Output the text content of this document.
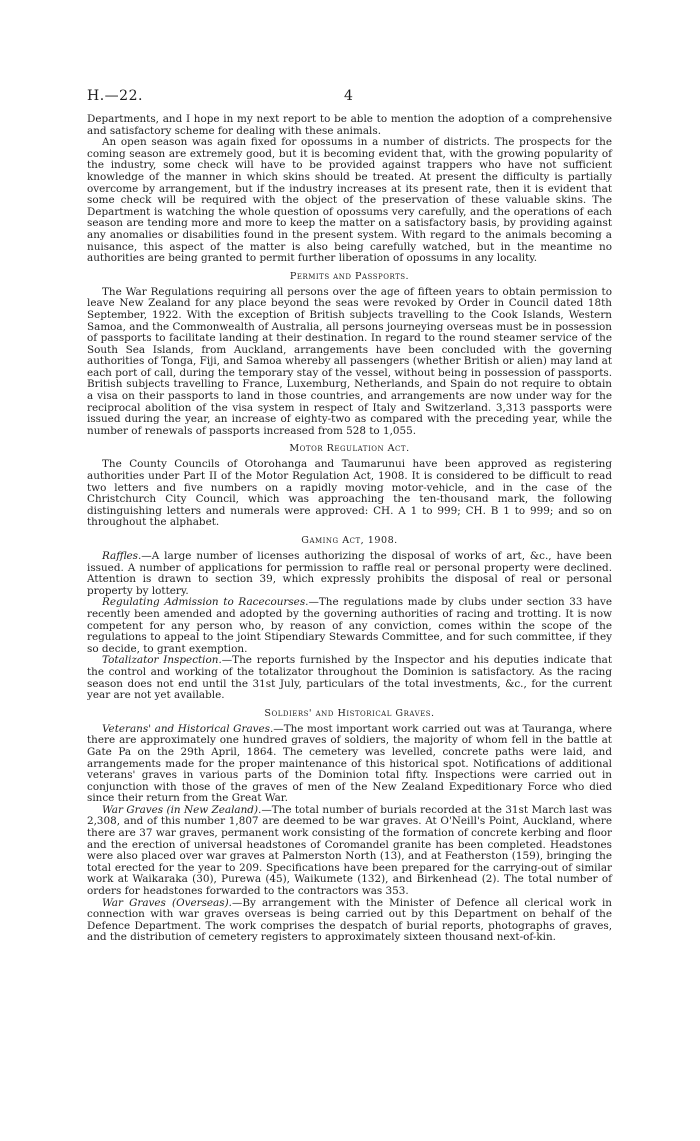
H.—22.	4

Departments, and I hope in my next report to be able to mention the adoption of a comprehensive and satisfactory scheme for dealing with these animals.

An open season was again fixed for opossums in a number of districts. The prospects for the coming season are extremely good, but it is becoming evident that, with the growing popularity of the industry, some check will have to be provided against trappers who have not sufficient knowledge of the manner in which skins should be treated. At present the difficulty is partially overcome by arrangement, but if the industry increases at its present rate, then it is evident that some check will be required with the object of the preservation of these valuable skins. The Department is watching the whole question of opossums very carefully, and the operations of each season are tending more and more to keep the matter on a satisfactory basis, by providing against any anomalies or disabilities found in the present system. With regard to the animals becoming a nuisance, this aspect of the matter is also being carefully watched, but in the meantime no authorities are being granted to permit further liberation of opossums in any locality.

Permits and Passports.

The War Regulations requiring all persons over the age of fifteen years to obtain permission to leave New Zealand for any place beyond the seas were revoked by Order in Council dated 18th September, 1922. With the exception of British subjects travelling to the Cook Islands, Western Samoa, and the Commonwealth of Australia, all persons journeying overseas must be in possession of passports to facilitate landing at their destination. In regard to the round steamer service of the South Sea Islands, from Auckland, arrangements have been concluded with the governing authorities of Tonga, Fiji, and Samoa whereby all passengers (whether British or alien) may land at each port of call, during the temporary stay of the vessel, without being in possession of passports. British subjects travelling to France, Luxemburg, Netherlands, and Spain do not require to obtain a visa on their passports to land in those countries, and arrangements are now under way for the reciprocal abolition of the visa system in respect of Italy and Switzerland. 3,313 passports were issued during the year, an increase of eighty-two as compared with the preceding year, while the number of renewals of passports increased from 528 to 1,055.

Motor Regulation Act.

The County Councils of Otorohanga and Taumarunui have been approved as registering authorities under Part II of the Motor Regulation Act, 1908. It is considered to be difficult to read two letters and five numbers on a rapidly moving motor-vehicle, and in the case of the Christchurch City Council, which was approaching the ten-thousand mark, the following distinguishing letters and numerals were approved: CH. A 1 to 999; CH. B 1 to 999; and so on throughout the alphabet.

Gaming Act, 1908.

Raffles.—A large number of licenses authorizing the disposal of works of art, &c., have been issued. A number of applications for permission to raffle real or personal property were declined. Attention is drawn to section 39, which expressly prohibits the disposal of real or personal property by lottery.

Regulating Admission to Racecourses.—The regulations made by clubs under section 33 have recently been amended and adopted by the governing authorities of racing and trotting. It is now competent for any person who, by reason of any conviction, comes within the scope of the regulations to appeal to the joint Stipendiary Stewards Committee, and for such committee, if they so decide, to grant exemption.

Totalizator Inspection.—The reports furnished by the Inspector and his deputies indicate that the control and working of the totalizator throughout the Dominion is satisfactory. As the racing season does not end until the 31st July, particulars of the total investments, &c., for the current year are not yet available.

Soldiers' and Historical Graves.

Veterans' and Historical Graves.—The most important work carried out was at Tauranga, where there are approximately one hundred graves of soldiers, the majority of whom fell in the battle at Gate Pa on the 29th April, 1864. The cemetery was levelled, concrete paths were laid, and arrangements made for the proper maintenance of this historical spot. Notifications of additional veterans' graves in various parts of the Dominion total fifty. Inspections were carried out in conjunction with those of the graves of men of the New Zealand Expeditionary Force who died since their return from the Great War.

War Graves (in New Zealand).—The total number of burials recorded at the 31st March last was 2,308, and of this number 1,807 are deemed to be war graves. At O'Neill's Point, Auckland, where there are 37 war graves, permanent work consisting of the formation of concrete kerbing and floor and the erection of universal headstones of Coromandel granite has been completed. Headstones were also placed over war graves at Palmerston North (13), and at Featherston (159), bringing the total erected for the year to 209. Specifications have been prepared for the carrying-out of similar work at Waikaraka (30), Purewa (45), Waikumete (132), and Birkenhead (2). The total number of orders for headstones forwarded to the contractors was 353.

War Graves (Overseas).—By arrangement with the Minister of Defence all clerical work in connection with war graves overseas is being carried out by this Department on behalf of the Defence Department. The work comprises the despatch of burial reports, photographs of graves, and the distribution of cemetery registers to approximately sixteen thousand next-of-kin.
